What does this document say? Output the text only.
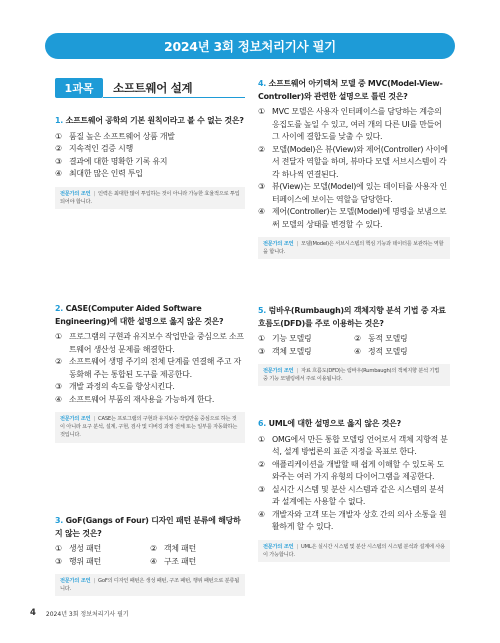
2024년 3회 정보처리기사 필기
1과목	소프트웨어 설계
1. 소프트웨어 공학의 기본 원칙이라고 볼 수 없는 것은?
① 품질 높은 소프트웨어 상품 개발
② 지속적인 검증 시행
③ 결과에 대한 명확한 기록 유지
④ 최대한 많은 인력 투입
전문가의 조언 | 인력은 최대한 많이 투입하는 것이 아니라 가능한 효율적으로 투입되어야 합니다.
2. CASE(Computer Aided Software Engineering)에 대한 설명으로 옳지 않은 것은?
① 프로그램의 구현과 유지보수 작업만을 중심으로 소프트웨어 생산성 문제를 해결한다.
② 소프트웨어 생명 주기의 전체 단계를 연결해 주고 자동화해 주는 통합된 도구를 제공한다.
③ 개발 과정의 속도를 향상시킨다.
④ 소프트웨어 부품의 재사용을 가능하게 한다.
전문가의 조언 | CASE는 프로그램의 구현과 유지보수 작업만을 중심으로 하는 것이 아니라 요구 분석, 설계, 구현, 검사 및 디버깅 과정 전체 또는 일부를 자동화하는 것입니다.
3. GoF(Gangs of Four) 디자인 패턴 분류에 해당하지 않는 것은?
① 생성 패턴	② 객체 패턴
③ 행위 패턴	④ 구조 패턴
전문가의 조언 | GoF의 디자인 패턴은 생성 패턴, 구조 패턴, 행위 패턴으로 분류됩니다.
4. 소프트웨어 아키텍처 모델 중 MVC(Model-View-Controller)와 관련한 설명으로 틀린 것은?
① MVC 모델은 사용자 인터페이스를 담당하는 계층의 응집도를 높일 수 있고, 여러 개의 다른 UI를 만들어 그 사이에 결합도를 낮출 수 있다.
② 모델(Model)은 뷰(View)와 제어(Controller) 사이에서 전달자 역할을 하며, 뷰마다 모델 서브시스템이 각각 하나씩 연결된다.
③ 뷰(View)는 모델(Model)에 있는 데이터를 사용자 인터페이스에 보이는 역할을 담당한다.
④ 제어(Controller)는 모델(Model)에 명령을 보냄으로써 모델의 상태를 변경할 수 있다.
전문가의 조언 | 모델(Model)은 서브시스템의 핵심 기능과 데이터를 보관하는 역할을 합니다.
5. 럼바우(Rumbaugh)의 객체지향 분석 기법 중 자료 흐름도(DFD)를 주로 이용하는 것은?
① 기능 모델링	② 동적 모델링
③ 객체 모델링	④ 정적 모델링
전문가의 조언 | 자료 흐름도(DFD)는 럼바우(Rumbaugh)의 객체지향 분석 기법 중 기능 모델링에서 주로 이용됩니다.
6. UML에 대한 설명으로 옳지 않은 것은?
① OMG에서 만든 통합 모델링 언어로서 객체 지향적 분석, 설계 방법론의 표준 지정을 목표로 한다.
② 애플리케이션을 개발할 때 쉽게 이해할 수 있도록 도와주는 여러 가지 유형의 다이어그램을 제공한다.
③ 실시간 시스템 및 분산 시스템과 같은 시스템의 분석과 설계에는 사용할 수 없다.
④ 개발자와 고객 또는 개발자 상호 간의 의사 소통을 원활하게 할 수 있다.
전문가의 조언 | UML은 실시간 시스템 및 분산 시스템의 시스템 분석과 설계에 사용이 가능합니다.
4 2024년 3회 정보처리기사 필기
